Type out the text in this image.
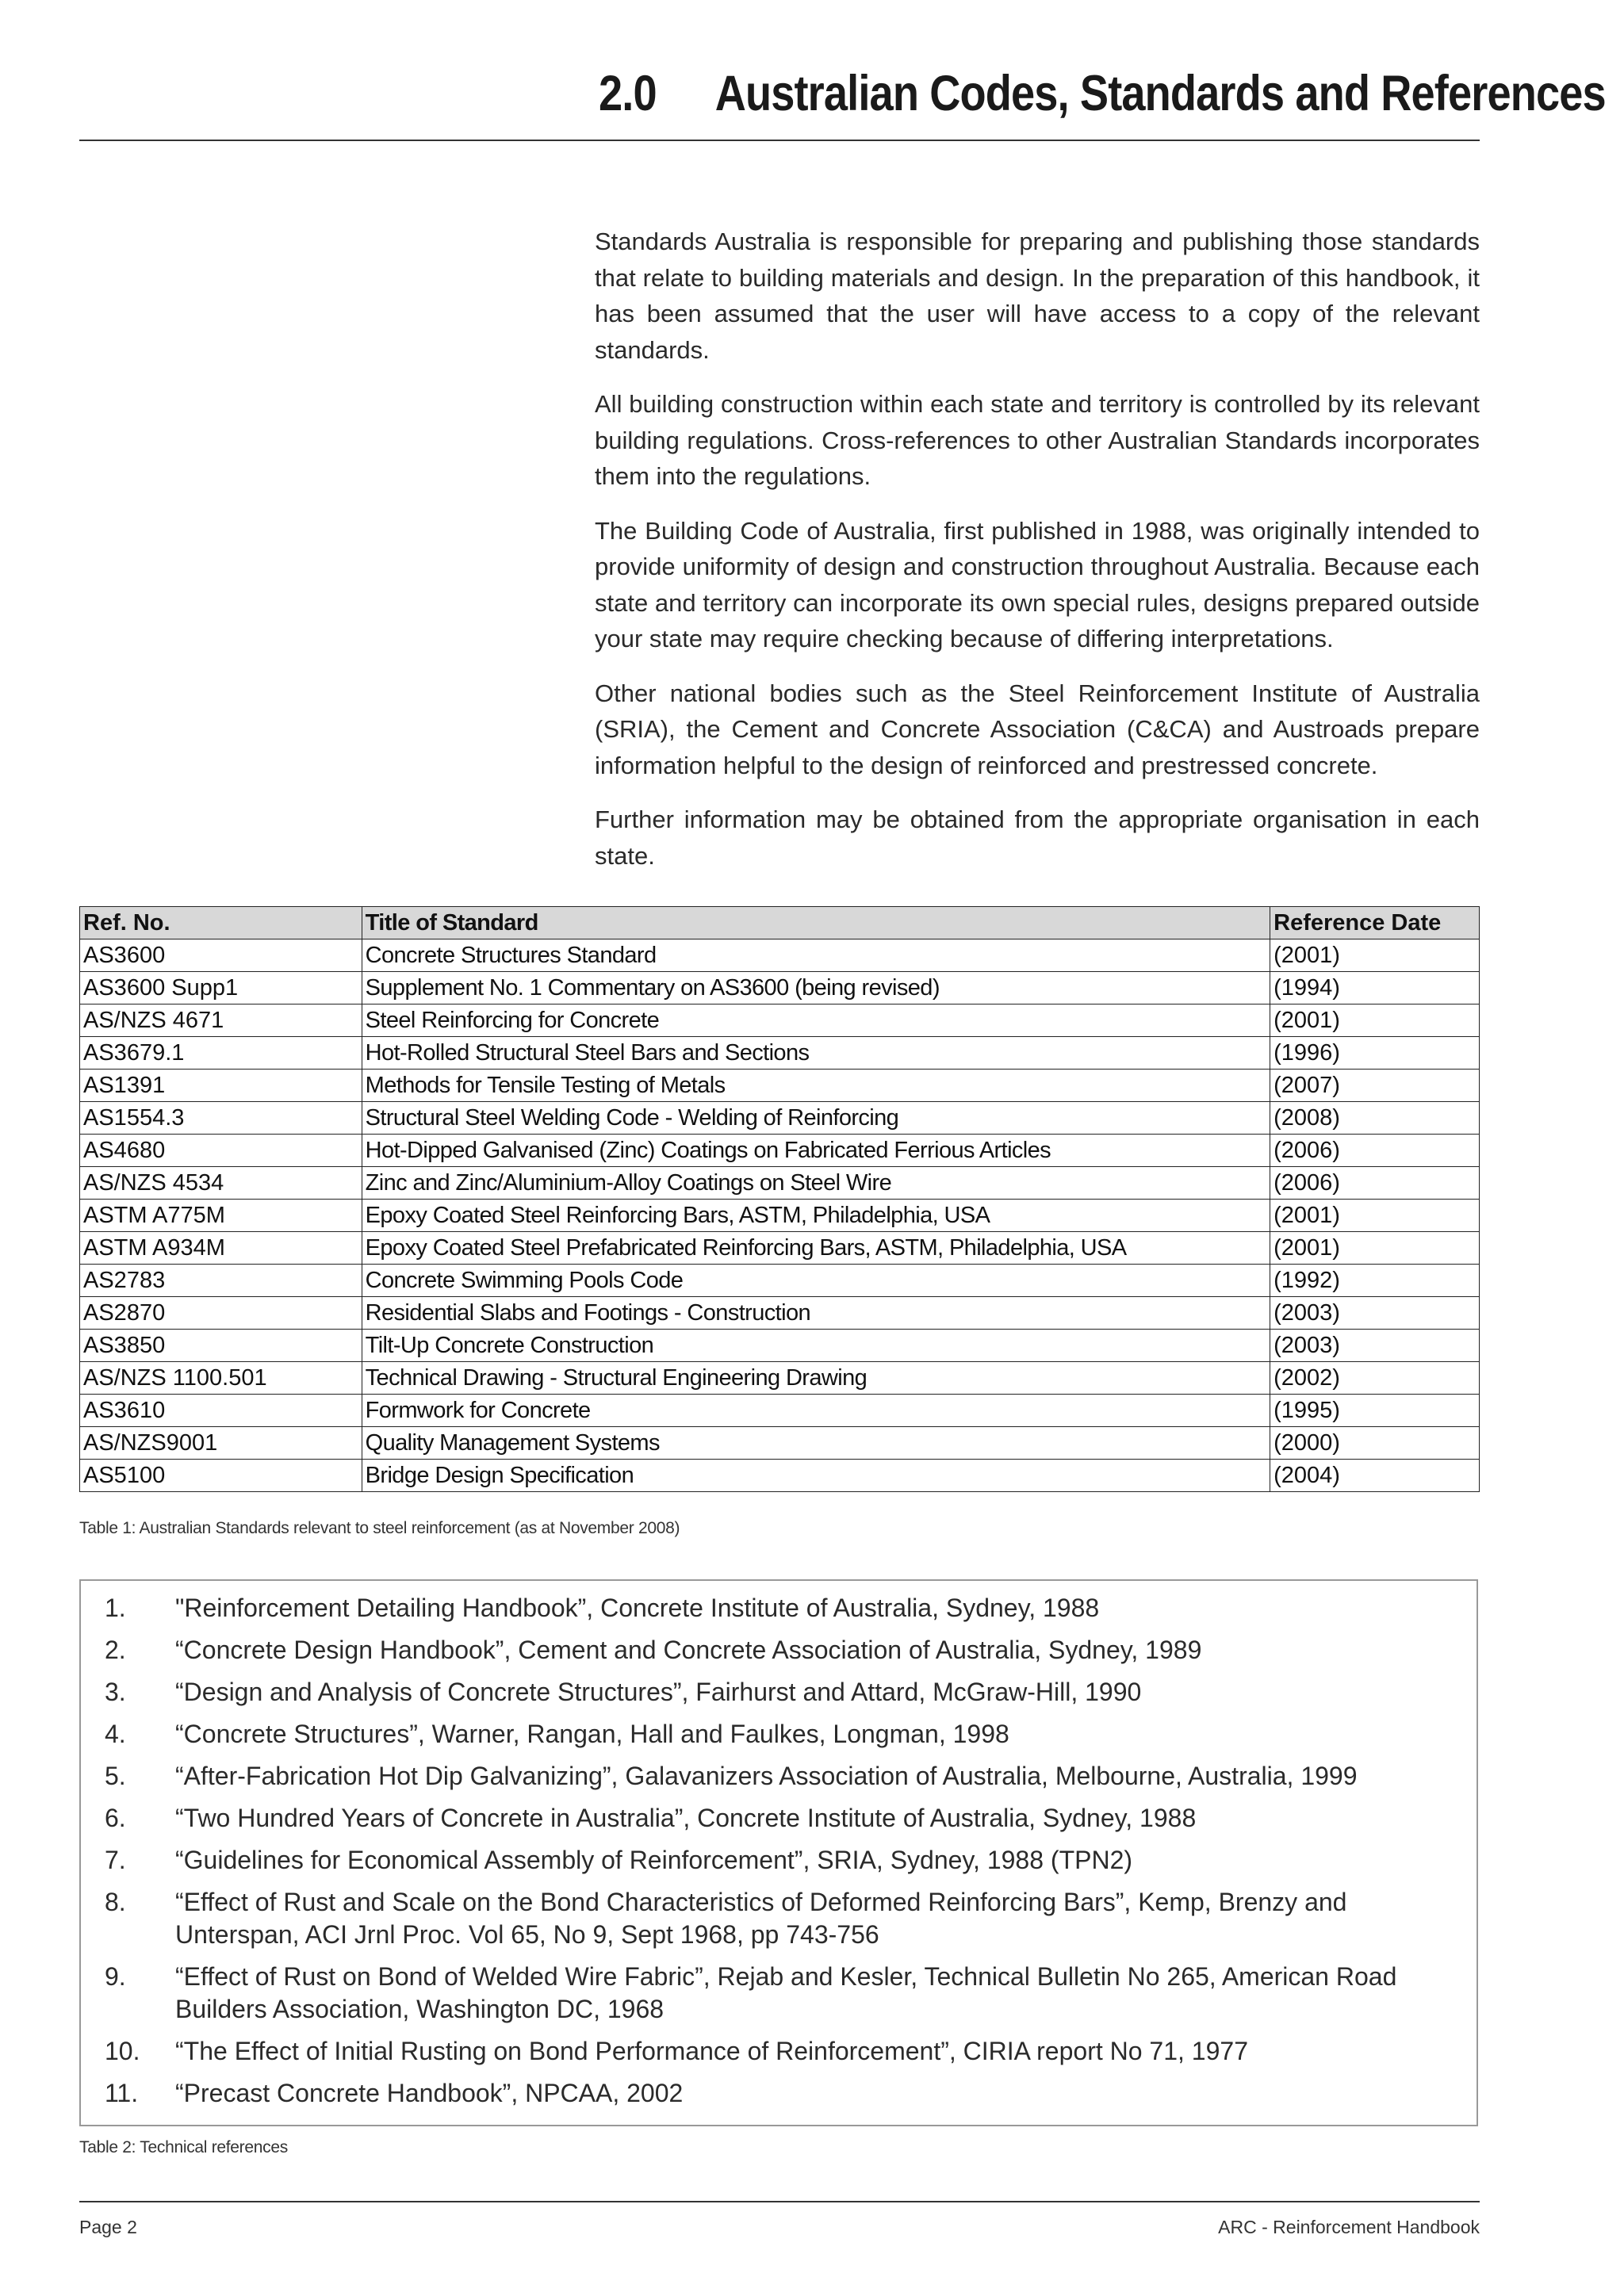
2.0 Australian Codes, Standards and References

Standards Australia is responsible for preparing and publishing those standards that relate to building materials and design. In the preparation of this handbook, it has been assumed that the user will have access to a copy of the relevant standards.

All building construction within each state and territory is controlled by its relevant building regulations. Cross-references to other Australian Standards incorporates them into the regulations.

The Building Code of Australia, first published in 1988, was originally intended to provide uniformity of design and construction throughout Australia. Because each state and territory can incorporate its own special rules, designs prepared outside your state may require checking because of differing interpretations.

Other national bodies such as the Steel Reinforcement Institute of Australia (SRIA), the Cement and Concrete Association (C&CA) and Austroads prepare information helpful to the design of reinforced and prestressed concrete.

Further information may be obtained from the appropriate organisation in each state.

Ref. No.	Title of Standard	Reference Date
AS3600	Concrete Structures Standard	(2001)
AS3600 Supp1	Supplement No. 1 Commentary on AS3600 (being revised)	(1994)
AS/NZS 4671	Steel Reinforcing for Concrete	(2001)
AS3679.1	Hot-Rolled Structural Steel Bars and Sections	(1996)
AS1391	Methods for Tensile Testing of Metals	(2007)
AS1554.3	Structural Steel Welding Code - Welding of Reinforcing	(2008)
AS4680	Hot-Dipped Galvanised (Zinc) Coatings on Fabricated Ferrious Articles	(2006)
AS/NZS 4534	Zinc and Zinc/Aluminium-Alloy Coatings on Steel Wire	(2006)
ASTM A775M	Epoxy Coated Steel Reinforcing Bars, ASTM, Philadelphia, USA	(2001)
ASTM A934M	Epoxy Coated Steel Prefabricated Reinforcing Bars, ASTM, Philadelphia, USA	(2001)
AS2783	Concrete Swimming Pools Code	(1992)
AS2870	Residential Slabs and Footings - Construction	(2003)
AS3850	Tilt-Up Concrete Construction	(2003)
AS/NZS 1100.501	Technical Drawing - Structural Engineering Drawing	(2002)
AS3610	Formwork for Concrete	(1995)
AS/NZS9001	Quality Management Systems	(2000)
AS5100	Bridge Design Specification	(2004)
Table 1: Australian Standards relevant to steel reinforcement (as at November 2008)
1. "Reinforcement Detailing Handbook”, Concrete Institute of Australia, Sydney, 1988
2. “Concrete Design Handbook”, Cement and Concrete Association of Australia, Sydney, 1989
3. “Design and Analysis of Concrete Structures”, Fairhurst and Attard, McGraw-Hill, 1990
4. “Concrete Structures”, Warner, Rangan, Hall and Faulkes, Longman, 1998
5. “After-Fabrication Hot Dip Galvanizing”, Galavanizers Association of Australia, Melbourne, Australia, 1999
6. “Two Hundred Years of Concrete in Australia”, Concrete Institute of Australia, Sydney, 1988
7. “Guidelines for Economical Assembly of Reinforcement”, SRIA, Sydney, 1988 (TPN2)
8. “Effect of Rust and Scale on the Bond Characteristics of Deformed Reinforcing Bars”, Kemp, Brenzy and Unterspan, ACI Jrnl Proc. Vol 65, No 9, Sept 1968, pp 743-756
9. “Effect of Rust on Bond of Welded Wire Fabric”, Rejab and Kesler, Technical Bulletin No 265, American Road Builders Association, Washington DC, 1968
10. “The Effect of Initial Rusting on Bond Performance of Reinforcement”, CIRIA report No 71, 1977
11. “Precast Concrete Handbook”, NPCAA, 2002
Table 2: Technical references
Page 2	ARC - Reinforcement Handbook
